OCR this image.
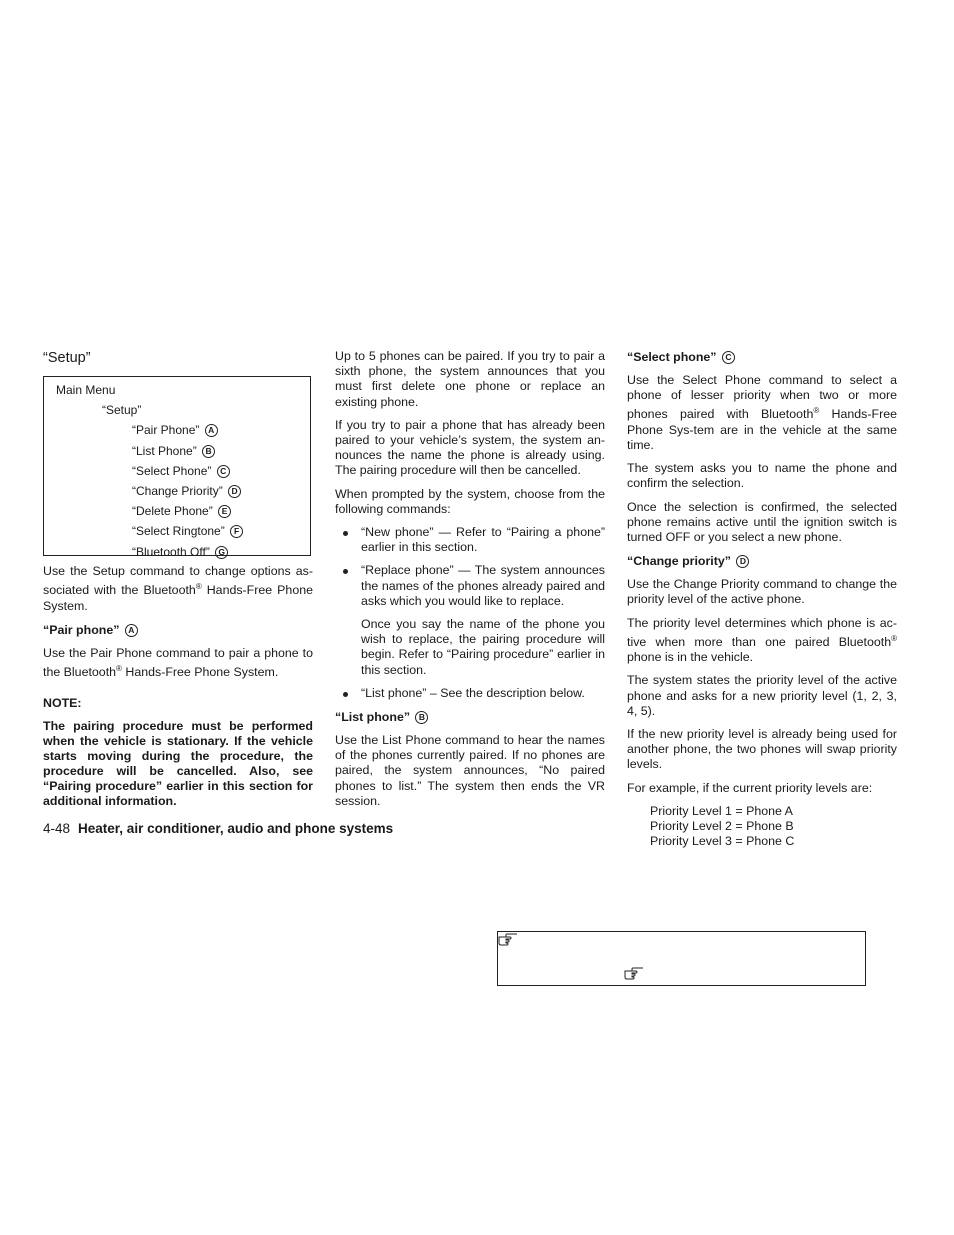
“Setup”
Main Menu
“Setup”
“Pair Phone” A
“List Phone” B
“Select Phone” C
“Change Priority” D
“Delete Phone” E
“Select Ringtone” F
“Bluetooth Off” G

Use the Setup command to change options as-sociated with the Bluetooth® Hands-Free Phone System.

“Pair phone” A

Use the Pair Phone command to pair a phone to the Bluetooth® Hands-Free Phone System.

NOTE:
The pairing procedure must be performed when the vehicle is stationary. If the vehicle starts moving during the procedure, the procedure will be cancelled. Also, see “Pairing procedure” earlier in this section for additional information.

Up to 5 phones can be paired. If you try to pair a sixth phone, the system announces that you must first delete one phone or replace an existing phone.

If you try to pair a phone that has already been paired to your vehicle’s system, the system an-nounces the name the phone is already using. The pairing procedure will then be cancelled.

When prompted by the system, choose from the following commands:

“New phone” — Refer to “Pairing a phone” earlier in this section.
“Replace phone” — The system announces the names of the phones already paired and asks which you would like to replace.

Once you say the name of the phone you wish to replace, the pairing procedure will begin. Refer to “Pairing procedure” earlier in this section.

“List phone” – See the description below.
“List phone” B

Use the List Phone command to hear the names of the phones currently paired. If no phones are paired, the system announces, “No paired phones to list.” The system then ends the VR session.

“Select phone” C

Use the Select Phone command to select a phone of lesser priority when two or more phones paired with Bluetooth® Hands-Free Phone Sys-tem are in the vehicle at the same time.

The system asks you to name the phone and confirm the selection.

Once the selection is confirmed, the selected phone remains active until the ignition switch is turned OFF or you select a new phone.

“Change priority” D

Use the Change Priority command to change the priority level of the active phone.

The priority level determines which phone is ac-tive when more than one paired Bluetooth® phone is in the vehicle.

The system states the priority level of the active phone and asks for a new priority level (1, 2, 3, 4, 5).

If the new priority level is already being used for another phone, the two phones will swap priority levels.

For example, if the current priority levels are:

Priority Level 1 = Phone A
Priority Level 2 = Phone B
Priority Level 3 = Phone C
4-48 Heater, air conditioner, audio and phone systems
